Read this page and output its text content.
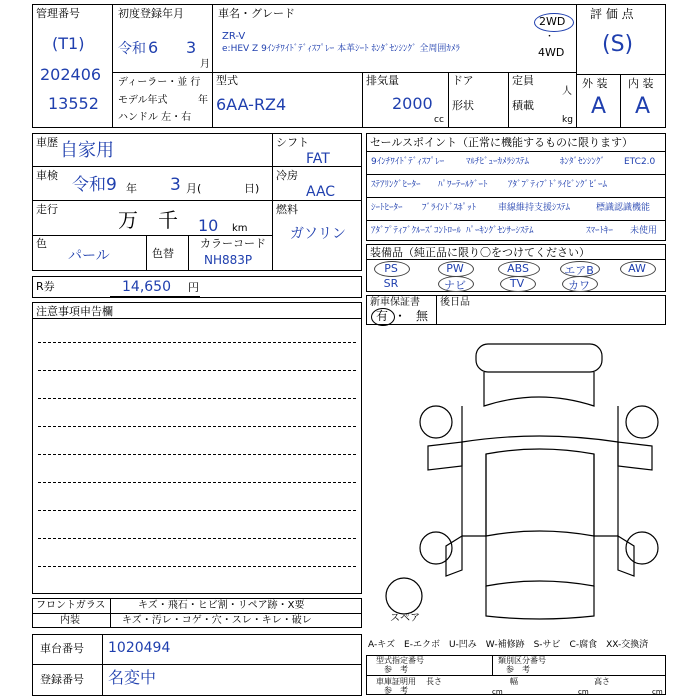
管理番号
(T1)
202406
13552
初度登録年月
令和 6 3
月
車名・グレード
ZR-V
e:HEV Z 9ｲﾝﾁﾜｲﾄﾞﾃﾞｨｽﾌﾟﾚｰ 本革ｼｰﾄ ﾎﾝﾀﾞｾﾝｼﾝｸﾞ 全周囲ｶﾒﾗ
2WD
・
4WD
評 価 点
(S)
ディーラー・並 行
モデル年式	年
ハンドル 左・右
型式
6AA-RZ4
排気量
2000
cc
ドア
形状
定員
人
積載
kg
外 装 内 装
A A
車歴 自家用
車検 令和9 年 3 月(	日)
走行	万 千 10 km
色
パール	色替
カラーコード
NH883P
シフト
FAT
冷房
AAC
燃料
ガソリン
R券	14,650 円
注意事項申告欄
セールスポイント（正常に機能するものに限ります）
9ｲﾝﾁﾜｲﾄﾞﾃﾞｨｽﾌﾟﾚｰ ﾏﾙﾁﾋﾞｭｰｶﾒﾗｼｽﾃﾑ	ﾎﾝﾀﾞｾﾝｼﾝｸﾞ ETC2.0
ｽﾃｱﾘﾝｸﾞﾋｰﾀｰ ﾊﾟﾜｰﾃｰﾙｹﾞｰﾄ ｱﾀﾞﾌﾟﾃｨﾌﾞﾄﾞﾗｲﾋﾞﾝｸﾞﾋﾞｰﾑ
ｼｰﾄﾋｰﾀｰ ﾌﾞﾗｲﾝﾄﾞｽﾎﾟｯﾄ 車線維持支援ｼｽﾃﾑ	標識認識機能
ｱﾀﾞﾌﾟﾃｨﾌﾞｸﾙｰｽﾞｺﾝﾄﾛｰﾙ ﾊﾟｰｷﾝｸﾞｾﾝｻｰｼｽﾃﾑ	ｽﾏｰﾄｷｰ 未使用
装備品（純正品に限り〇をつけてください）
PS	PW	ABS	エアB	AW
SR	ナビ	TV	カワ
新車保証書
有 ・ 無
後日品
スペア
A-キズ　E-エクボ　U-凹み　W-補修跡　S-サビ　C-腐食　XX-交換済
型式指定番号
参　考
類別区分番号
参　考
車庫証明用
参　考
長さ
cm
幅
cm
高さ
cm
フロントガラス	キズ・飛石・ヒビ割・リペア跡・X要
内装	キズ・汚レ・コゲ・穴・スレ・キレ・破レ
車台番号 1020494
登録番号 名変中
